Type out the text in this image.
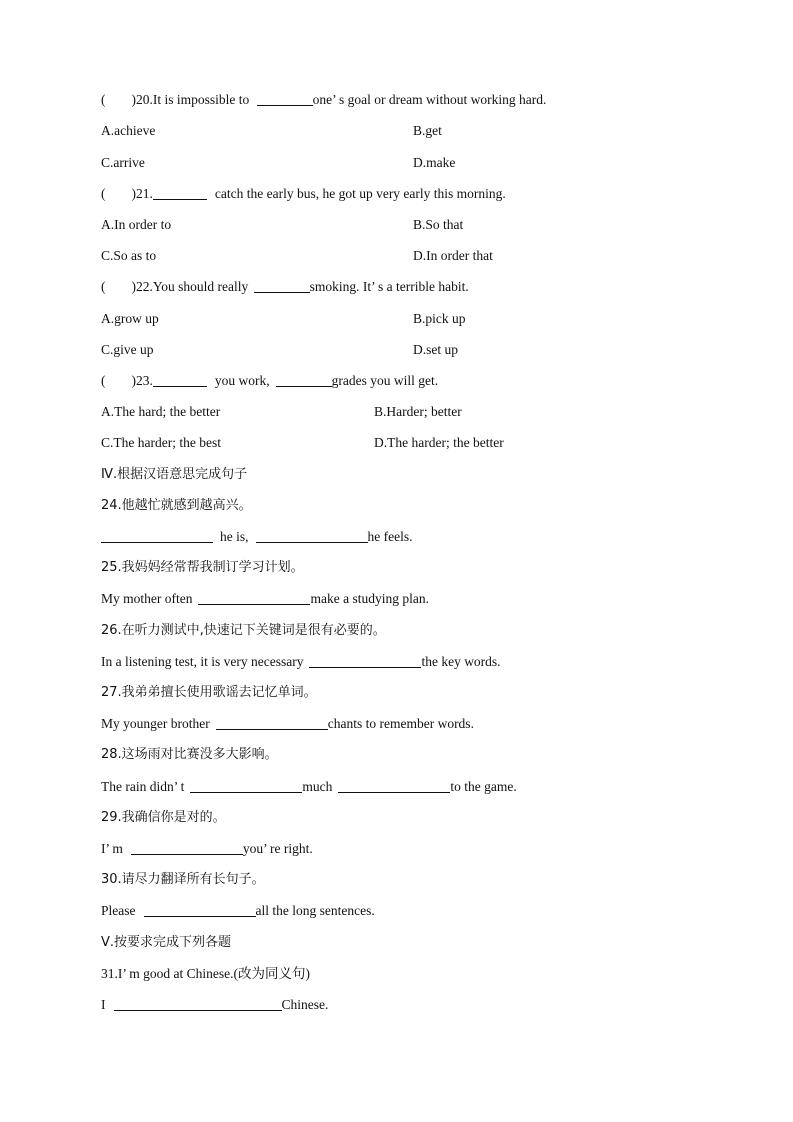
( )20.It is impossible to	one’ s goal or dream without working hard.
A.achieve	B.get
C.arrive	D.make
( )21.	catch the early bus, he got up very early this morning.
A.In order to	B.So that
C.So as to	D.In order that
( )22.You should really	smoking. It’ s a terrible habit.
A.grow up	B.pick up
C.give up	D.set up
( )23.	you work,	grades you will get.
A.The hard; the better	B.Harder; better
C.The harder; the best	D.The harder; the better
Ⅳ.根据汉语意思完成句子
24.他越忙就感到越高兴。
he is,	he feels.
25.我妈妈经常帮我制订学习计划。
My mother often	make a studying plan.
26.在听力测试中,快速记下关键词是很有必要的。
In a listening test, it is very necessary	the key words.
27.我弟弟擅长使用歌谣去记忆单词。
My younger brother	chants to remember words.
28.这场雨对比赛没多大影响。
The rain didn’ t	much	to the game.
29.我确信你是对的。
I’ m	you’ re right.
30.请尽力翻译所有长句子。
Please	all the long sentences.
Ⅴ.按要求完成下列各题
31.I’ m good at Chinese.(改为同义句)
I	Chinese.
